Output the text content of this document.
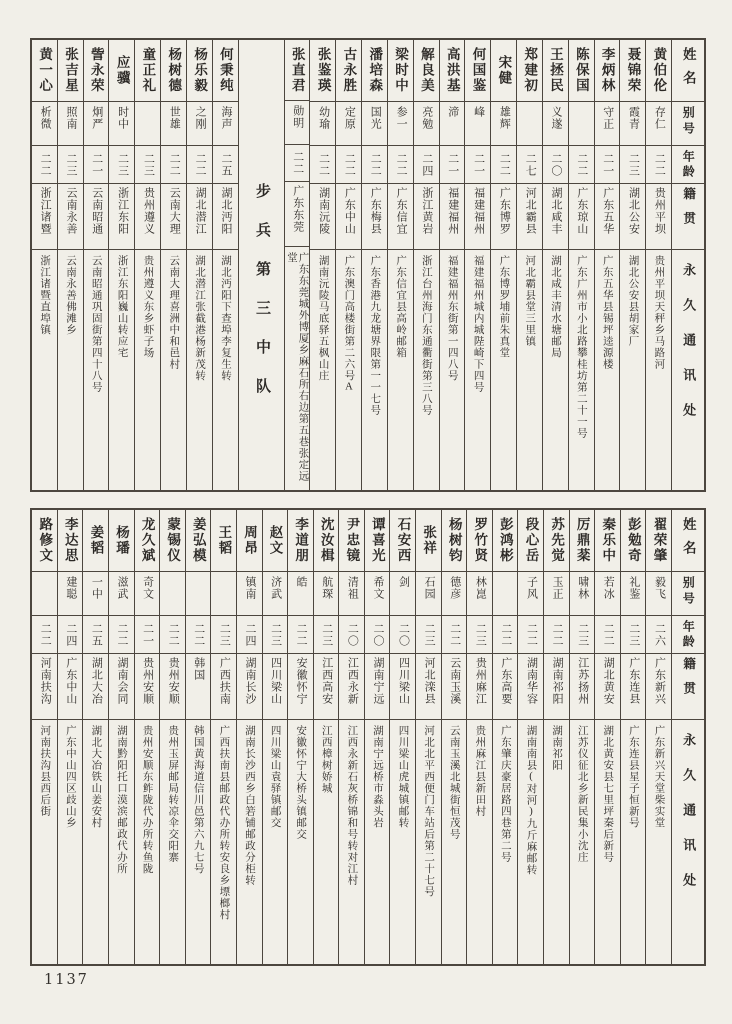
姓名
别号
年龄
籍贯
永久通讯处
黄伯伦
存仁
二二
贵州平坝
贵州平坝天秤乡马路河
聂锦荣
霞青
二三
湖北公安
湖北公安县胡家厂
李炳林
守正
二一
广东五华
广东五华县锡坪逵源楼
陈保国
二二
广东琼山
广东广州市小北路攀桂坊第二十一号
王拯民
义遂
二〇
湖北咸丰
湖北咸丰清水塘邮局
郑建初
二七
河北霸县
河北霸县堂三里镇
宋健
雄辉
二二
广东博罗
广东博罗埔前朱真堂
何国鉴
峰
二一
福建福州
福建福州城内城陛崎下四号
高洪基
渧
二一
福建福州
福建福州东街第一四八号
解良美
亮勉
二四
浙江黄岩
浙江台州海门东通衢街第三八号
梁时中
参一
二二
广东信宜
广东信宜县高岭邮箱
潘培森
国光
二二
广东梅县
广东香港九龙塘界限第一一七号
古永胜
定原
二二
广东中山
广东澳门高楼街第二六号A
张鉴瑛
幼瑜
二二
湖南沅陵
湖南沅陵马底驿五枫山庄
张直君
勋明
二二
广东东莞
广东东莞城外博厦乡麻石所右边第五巷张定远堂
步兵第三中队
何秉纯
海声
二五
湖北沔阳
湖北沔阳下查埠李复生转
杨乐毅
之刚
二二
湖北潜江
湖北潜江张截港杨新茂转
杨树德
世雄
二二
云南大理
云南大理喜洲中和邑村
童正礼
二三
贵州遵义
贵州遵义东乡虾子场
应骥
时中
二三
浙江东阳
浙江东阳巍山转应宅
訾永荣
炯严
二一
云南昭通
云南昭通巩固街第四十八号
张吉星
照南
二三
云南永善
云南永善佛滩乡
黄一心
析微
二二
浙江诸暨
浙江诸暨直埠镇
姓名
别号
年龄
籍贯
永久通讯处
翟荣肇
毅飞
二六
广东新兴
广东新兴天堂柴实堂
彭勉奇
礼鉴
二三
广东连县
广东连县星子恒新号
秦乐中
若冰
二二
湖北黄安
湖北黄安县七里坪秦后新号
厉鼎棻
啸林
二三
江苏扬州
江苏仪征北乡新民集小沈庄
苏先觉
玉正
二二
湖南祁阳
湖南祁阳
段心岳
子风
二二
湖南华容
湖南南县(对河)九斤麻邮转
彭鸿彬
二二
广东高要
广东肇庆豪居路四巷第二号
罗竹贤
林崑
二三
贵州麻江
贵州麻江县新田村
杨树钧
德彦
二二
云南玉溪
云南玉溪北城街恒茂号
张祥
石园
二三
河北滦县
河北北平西便门车站后第二十七号
石安西
剑
二〇
四川梁山
四川梁山虎城镇邮转
谭喜光
希文
二〇
湖南宁远
湖南宁远桥市淼头岩
尹忠镜
清祖
二〇
江西永新
江西永新石灰桥锦和号转对江村
沈汝楫
航琛
二三
江西高安
江西樟树娇城
李道朋
皓
二二
安徽怀宁
安徽怀宁大桥头镇邮交
赵文
济武
二三
四川梁山
四川梁山袁驿镇邮交
周昂
镇南
二四
湖南长沙
湖南长沙西乡白箬铺邮政分柜转
王韬
二三
广西扶南
广西扶南县邮政代办所转安良乡墂榔村
姜弘模
二二
韩国
韩国黄海道信川邑第六九七号
蒙锡仪
二二
贵州安顺
贵州玉屏邮局转凉伞交阳寨
龙久斌
奇文
二一
贵州安顺
贵州安顺东鲊陇代办所转鱼陇
杨璠
滋武
二二
湖南会同
湖南黔阳托口漠滨邮政代办所
姜韬
一中
二五
湖北大冶
湖北大冶铁山姜安村
李达思
建聪
二四
广东中山
广东中山四区歧山乡
路修文
二二
河南扶沟
河南扶沟县西后街
1137
